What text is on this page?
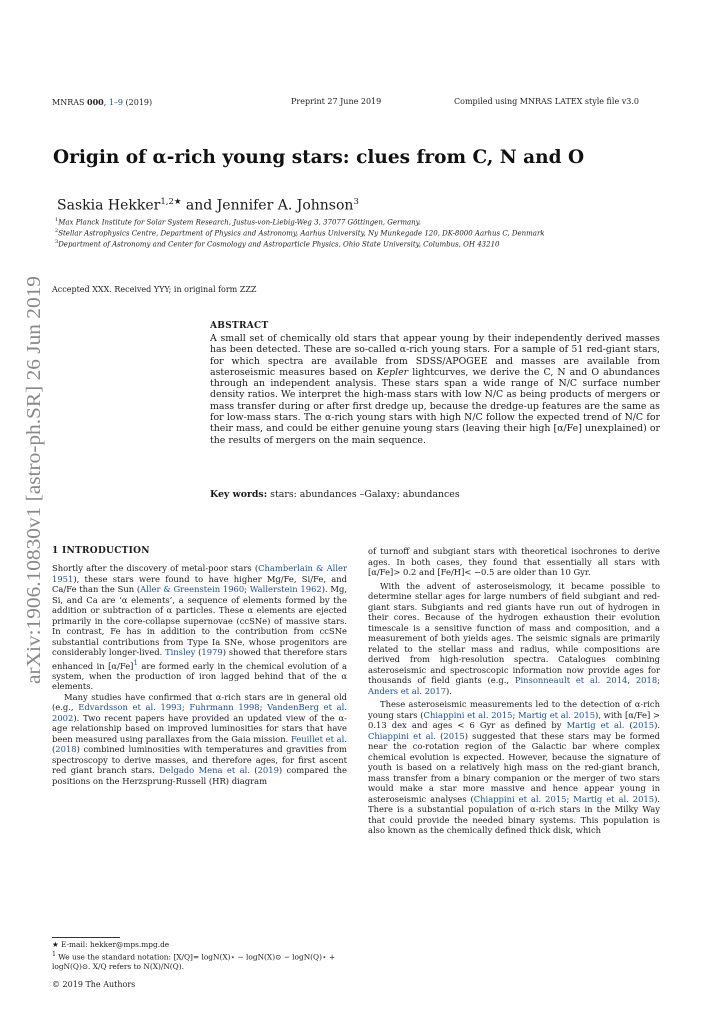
MNRAS 000, 1–9 (2019)	Preprint 27 June 2019	Compiled using MNRAS LATEX style file v3.0
arXiv:1906.10830v1 [astro-ph.SR] 26 Jun 2019
Origin of α-rich young stars: clues from C, N and O
Saskia Hekker$^{1,2★}$ and Jennifer A. Johnson$^3$
$^1$Max Planck Institute for Solar System Research, Justus-von-Liebig-Weg 3, 37077 Göttingen, Germany.
$^2$Stellar Astrophysics Centre, Department of Physics and Astronomy, Aarhus University, Ny Munkegade 120, DK-8000 Aarhus C, Denmark
$^3$Department of Astronomy and Center for Cosmology and Astroparticle Physics, Ohio State University, Columbus, OH 43210
Accepted XXX. Received YYY; in original form ZZZ
ABSTRACT
A small set of chemically old stars that appear young by their independently derived masses has been detected. These are so-called α-rich young stars. For a sample of 51 red-giant stars, for which spectra are available from SDSS/APOGEE and masses are available from asteroseismic measures based on Kepler lightcurves, we derive the C, N and O abundances through an independent analysis. These stars span a wide range of N/C surface number density ratios. We interpret the high-mass stars with low N/C as being products of mergers or mass transfer during or after first dredge up, because the dredge-up features are the same as for low-mass stars. The α-rich young stars with high N/C follow the expected trend of N/C for their mass, and could be either genuine young stars (leaving their high [α/Fe] unexplained) or the results of mergers on the main sequence.
Key words: stars: abundances –Galaxy: abundances
1 INTRODUCTION

Shortly after the discovery of metal-poor stars (Chamberlain & Aller 1951), these stars were found to have higher Mg/Fe, Si/Fe, and Ca/Fe than the Sun (Aller & Greenstein 1960; Wallerstein 1962). Mg, Si, and Ca are ‘α elements’, a sequence of elements formed by the addition or subtraction of α particles. These α elements are ejected primarily in the core-collapse supernovae (ccSNe) of massive stars. In contrast, Fe has in addition to the contribution from ccSNe substantial contributions from Type Ia SNe, whose progenitors are considerably longer-lived. Tinsley (1979) showed that therefore stars enhanced in $[\alpha/Fe]^1$ are formed early in the chemical evolution of a system, when the production of iron lagged behind that of the α elements.

Many studies have confirmed that α-rich stars are in general old (e.g., Edvardsson et al. 1993; Fuhrmann 1998; VandenBerg et al. 2002). Two recent papers have provided an updated view of the α-age relationship based on improved luminosities for stars that have been measured using parallaxes from the Gaia mission. Feuillet et al. (2018) combined luminosities with temperatures and gravities from spectroscopy to derive masses, and therefore ages, for first ascent red giant branch stars. Delgado Mena et al. (2019) compared the positions on the Herzsprung-Russell (HR) diagram

of turnoff and subgiant stars with theoretical isochrones to derive ages. In both cases, they found that essentially all stars with [α/Fe]> 0.2 and [Fe/H]< −0.5 are older than 10 Gyr.

With the advent of asteroseismology, it became possible to determine stellar ages for large numbers of field subgiant and red-giant stars. Subgiants and red giants have run out of hydrogen in their cores. Because of the hydrogen exhaustion their evolution timescale is a sensitive function of mass and composition, and a measurement of both yields ages. The seismic signals are primarily related to the stellar mass and radius, while compositions are derived from high-resolution spectra. Catalogues combining asteroseismic and spectroscopic information now provide ages for thousands of field giants (e.g., Pinsonneault et al. 2014, 2018; Anders et al. 2017).

These asteroseismic measurements led to the detection of α-rich young stars (Chiappini et al. 2015; Martig et al. 2015), with [α/Fe] > 0.13 dex and ages < 6 Gyr as defined by Martig et al. (2015). Chiappini et al. (2015) suggested that these stars may be formed near the co-rotation region of the Galactic bar where complex chemical evolution is expected. However, because the signature of youth is based on a relatively high mass on the red-giant branch, mass transfer from a binary companion or the merger of two stars would make a star more massive and hence appear young in asteroseismic analyses (Chiappini et al. 2015; Martig et al. 2015). There is a substantial population of α-rich stars in the Milky Way that could provide the needed binary systems. This population is also known as the chemically defined thick disk, which

★ E-mail: hekker@mps.mpg.de
$^1$ We use the standard notation: [X/Q]= logN(X)⋆ − logN(X)⊙ − logN(Q)⋆ + logN(Q)⊙. X/Q refers to N(X)/N(Q).
© 2019 The Authors
